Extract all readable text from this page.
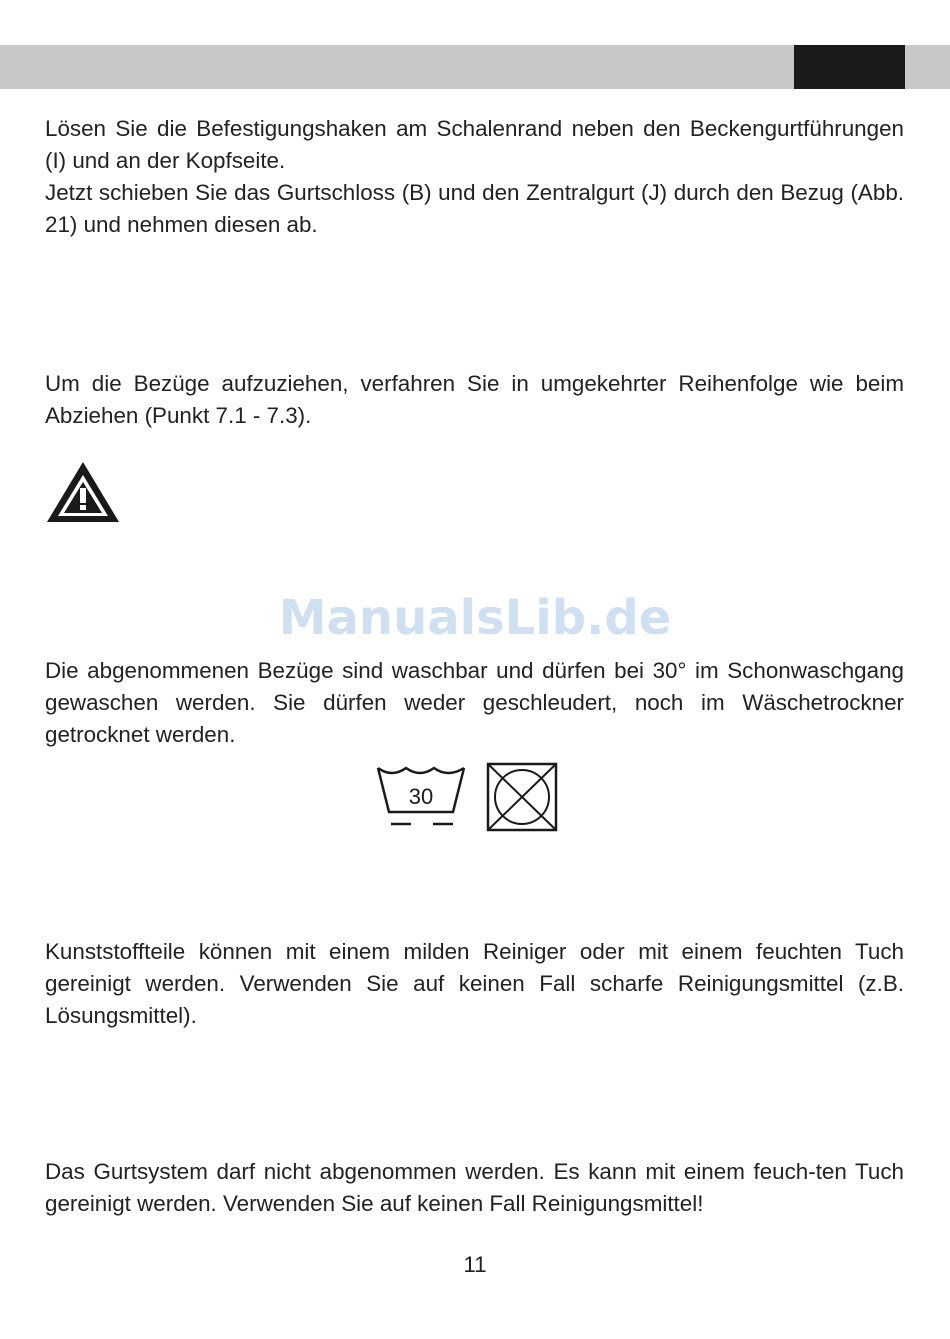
Lösen Sie die Befestigungshaken am Schalenrand neben den Beckengurtführungen (I) und an der Kopfseite.

Jetzt schieben Sie das Gurtschloss (B) und den Zentralgurt (J) durch den Bezug (Abb. 21) und nehmen diesen ab.

Um die Bezüge aufzuziehen, verfahren Sie in umgekehrter Reihenfolge wie beim Abziehen (Punkt 7.1 - 7.3).

ManualsLib.de

Die abgenommenen Bezüge sind waschbar und dürfen bei 30° im Schonwaschgang gewaschen werden. Sie dürfen weder geschleudert, noch im Wäschetrockner getrocknet werden.

30

Kunststoffteile können mit einem milden Reiniger oder mit einem feuchten Tuch gereinigt werden. Verwenden Sie auf keinen Fall scharfe Reinigungsmittel (z.B. Lösungsmittel).

Das Gurtsystem darf nicht abgenommen werden. Es kann mit einem feuch-ten Tuch gereinigt werden. Verwenden Sie auf keinen Fall Reinigungsmittel!

11
